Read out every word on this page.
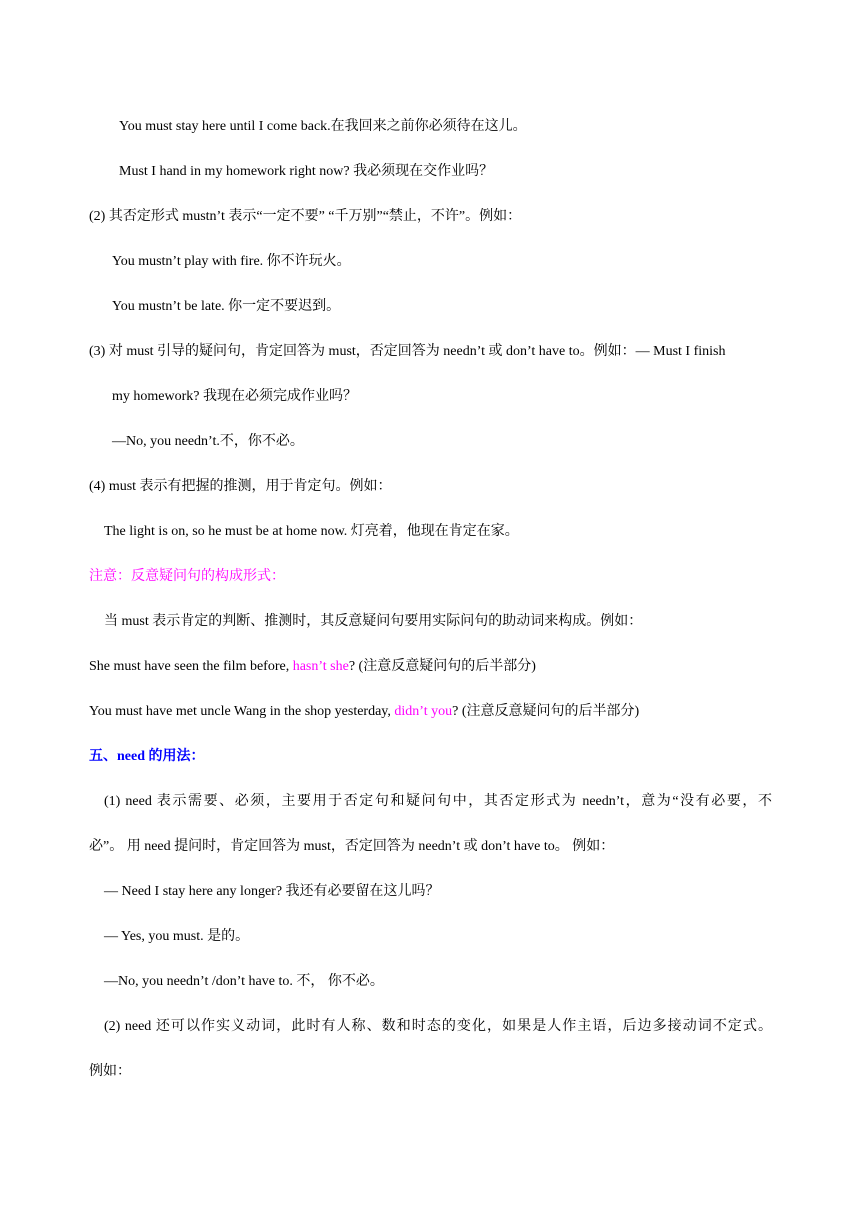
You must stay here until I come back.在我回来之前你必须待在这儿。
Must I hand in my homework right now? 我必须现在交作业吗？
(2) 其否定形式 mustn’t 表示“一定不要” “千万别”“禁止，不许”。例如：
You mustn’t play with fire. 你不许玩火。
You mustn’t be late. 你一定不要迟到。
(3) 对 must 引导的疑问句，肯定回答为 must，否定回答为 needn’t 或 don’t have to。例如：— Must I finish
my homework? 我现在必须完成作业吗？
—No, you needn’t.不，你不必。
(4) must 表示有把握的推测，用于肯定句。例如：
The light is on, so he must be at home now. 灯亮着，他现在肯定在家。
注意：反意疑问句的构成形式：
当 must 表示肯定的判断、推测时，其反意疑问句要用实际问句的助动词来构成。例如：
She must have seen the film before, hasn’t she? (注意反意疑问句的后半部分)
You must have met uncle Wang in the shop yesterday, didn’t you? (注意反意疑问句的后半部分)
五、need 的用法：
(1) need 表示需要、必须，主要用于否定句和疑问句中，其否定形式为 needn’t，意为“没有必要，不
必”。 用 need 提问时，肯定回答为 must，否定回答为 needn’t 或 don’t have to。 例如：
— Need I stay here any longer? 我还有必要留在这儿吗？
— Yes, you must. 是的。
—No, you needn’t /don’t have to. 不， 你不必。
(2) need 还可以作实义动词，此时有人称、数和时态的变化，如果是人作主语，后边多接动词不定式。
例如：
